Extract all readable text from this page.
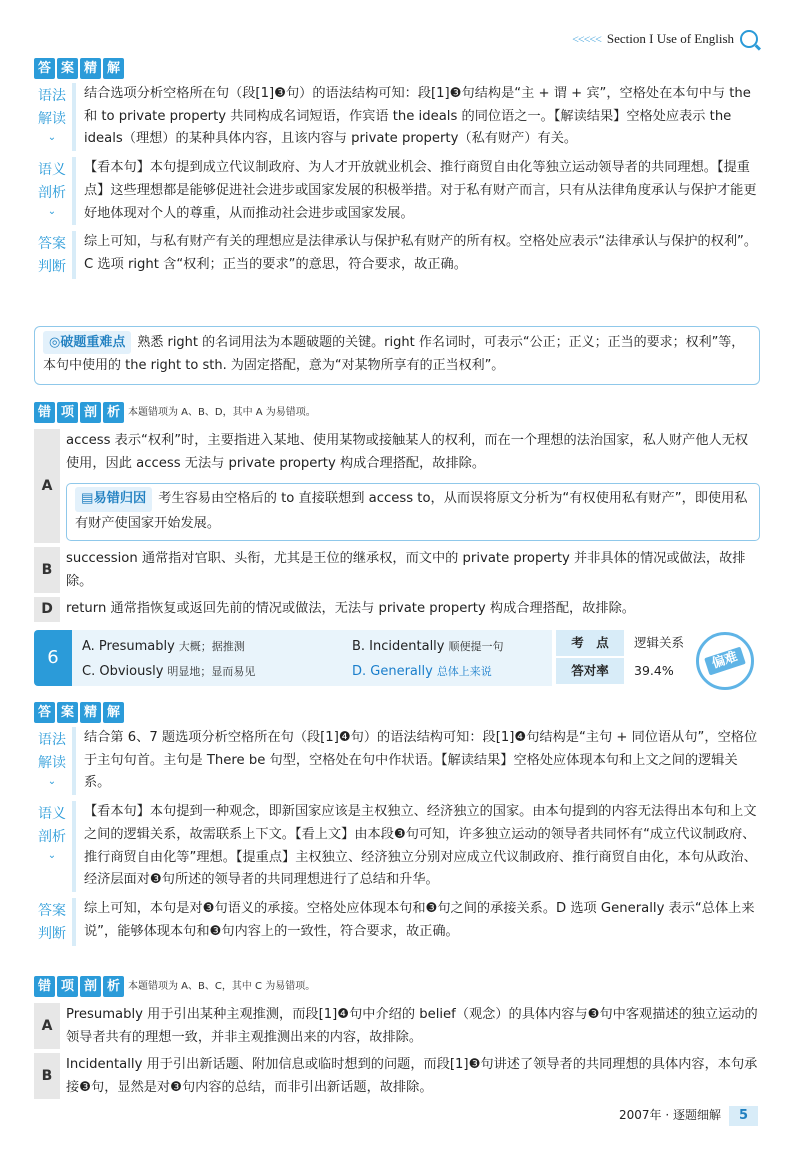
<<<<< Section I Use of English
答 案 精 解
语法
解读
⌄
结合选项分析空格所在句（段[1]❸句）的语法结构可知：段[1]❸句结构是“主 + 谓 + 宾”，空格处在本句中与 the 和 to private property 共同构成名词短语，作宾语 the ideals 的同位语之一。【解读结果】空格处应表示 the ideals（理想）的某种具体内容，且该内容与 private property（私有财产）有关。
语义
剖析
⌄
【看本句】本句提到成立代议制政府、为人才开放就业机会、推行商贸自由化等独立运动领导者的共同理想。【提重点】这些理想都是能够促进社会进步或国家发展的积极举措。对于私有财产而言，只有从法律角度承认与保护才能更好地体现对个人的尊重，从而推动社会进步或国家发展。
答案
判断
综上可知，与私有财产有关的理想应是法律承认与保护私有财产的所有权。空格处应表示“法律承认与保护的权利”。C 选项 right 含“权利；正当的要求”的意思，符合要求，故正确。
◎破题重难点 熟悉 right 的名词用法为本题破题的关键。right 作名词时，可表示“公正；正义；正当的要求；权利”等，本句中使用的 the right to sth. 为固定搭配，意为“对某物所享有的正当权利”。
错 项 剖 析 本题错项为 A、B、D，其中 A 为易错项。
A
access 表示“权利”时，主要指进入某地、使用某物或接触某人的权利，而在一个理想的法治国家，私人财产他人无权使用，因此 access 无法与 private property 构成合理搭配，故排除。
▤易错归因 考生容易由空格后的 to 直接联想到 access to，从而误将原文分析为“有权使用私有财产”，即使用私有财产使国家开始发展。
B
succession 通常指对官职、头衔，尤其是王位的继承权，而文中的 private property 并非具体的情况或做法，故排除。
D return 通常指恢复或返回先前的情况或做法，无法与 private property 构成合理搭配，故排除。
6
A. Presumably 大概；据推测	B. Incidentally 顺便提一句
C. Obviously 明显地；显而易见	D. Generally 总体上来说
考　点	逻辑关系
答对率	39.4%	偏难
答 案 精 解
语法
解读
⌄
结合第 6、7 题选项分析空格所在句（段[1]❹句）的语法结构可知：段[1]❹句结构是“主句 + 同位语从句”，空格位于主句句首。主句是 There be 句型，空格处在句中作状语。【解读结果】空格处应体现本句和上文之间的逻辑关系。
语义
剖析
⌄
【看本句】本句提到一种观念，即新国家应该是主权独立、经济独立的国家。由本句提到的内容无法得出本句和上文之间的逻辑关系，故需联系上下文。【看上文】由本段❸句可知，许多独立运动的领导者共同怀有“成立代议制政府、推行商贸自由化等”理想。【提重点】主权独立、经济独立分别对应成立代议制政府、推行商贸自由化，本句从政治、经济层面对❸句所述的领导者的共同理想进行了总结和升华。
答案
判断
综上可知，本句是对❸句语义的承接。空格处应体现本句和❸句之间的承接关系。D 选项 Generally 表示“总体上来说”，能够体现本句和❸句内容上的一致性，符合要求，故正确。
错 项 剖 析 本题错项为 A、B、C，其中 C 为易错项。
A
Presumably 用于引出某种主观推测，而段[1]❹句中介绍的 belief（观念）的具体内容与❸句中客观描述的独立运动的领导者共有的理想一致，并非主观推测出来的内容，故排除。
B
Incidentally 用于引出新话题、附加信息或临时想到的问题，而段[1]❸句讲述了领导者的共同理想的具体内容，本句承接❸句，显然是对❸句内容的总结，而非引出新话题，故排除。
2007年 · 逐题细解	5
